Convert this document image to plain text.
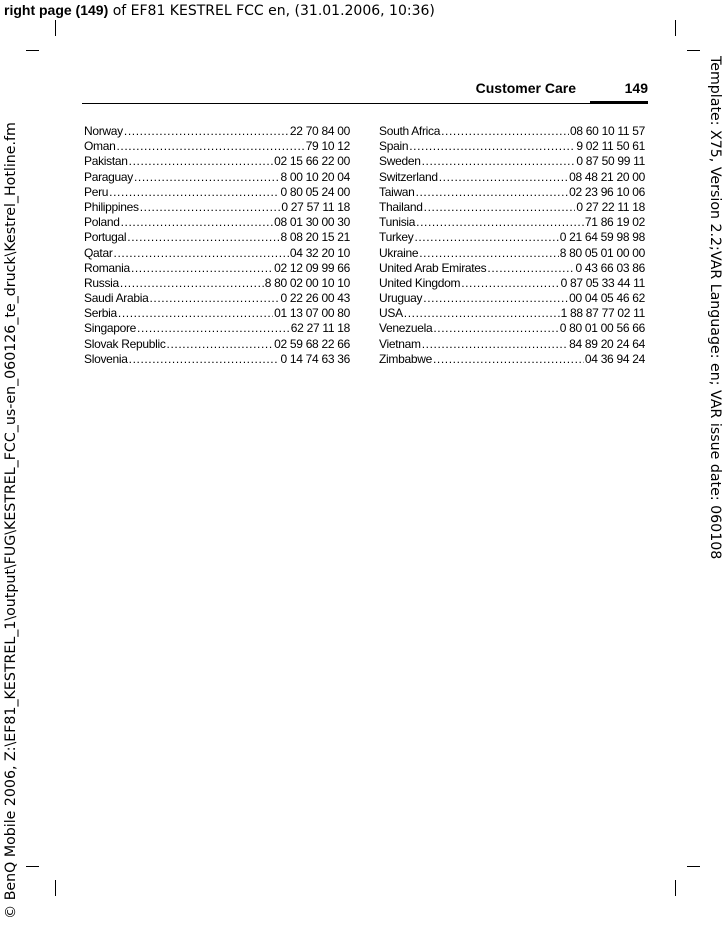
right page (149) of EF81 KESTREL FCC en, (31.01.2006, 10:36)
© BenQ Mobile 2006, Z:\EF81_KESTREL_1\output\FUG\KESTREL_FCC_us-en_060126_te_druck\Kestrel_Hotline.fm	Template: X75, Version 2.2;VAR Language: en; VAR issue date: 060108
Customer Care	149
Norway .....	22 70 84 00
Oman .....	79 10 12
Pakistan .....	02 15 66 22 00
Paraguay .....	8 00 10 20 04
Peru .....	0 80 05 24 00
Philippines .....	0 27 57 11 18
Poland .....	08 01 30 00 30
Portugal .....	8 08 20 15 21
Qatar .....	04 32 20 10
Romania .....	02 12 09 99 66
Russia .....	8 80 02 00 10 10
Saudi Arabia .....	0 22 26 00 43
Serbia .....	01 13 07 00 80
Singapore .....	62 27 11 18
Slovak Republic .....	02 59 68 22 66
Slovenia .....	0 14 74 63 36
South Africa .....	08 60 10 11 57
Spain .....	9 02 11 50 61
Sweden .....	0 87 50 99 11
Switzerland .....	08 48 21 20 00
Taiwan .....	02 23 96 10 06
Thailand .....	0 27 22 11 18
Tunisia .....	71 86 19 02
Turkey .....	0 21 64 59 98 98
Ukraine .....	8 80 05 01 00 00
United Arab Emirates .....	0 43 66 03 86
United Kingdom .....	0 87 05 33 44 11
Uruguay .....	00 04 05 46 62
USA .....	1 88 87 77 02 11
Venezuela .....	0 80 01 00 56 66
Vietnam .....	84 89 20 24 64
Zimbabwe .....	04 36 94 24
